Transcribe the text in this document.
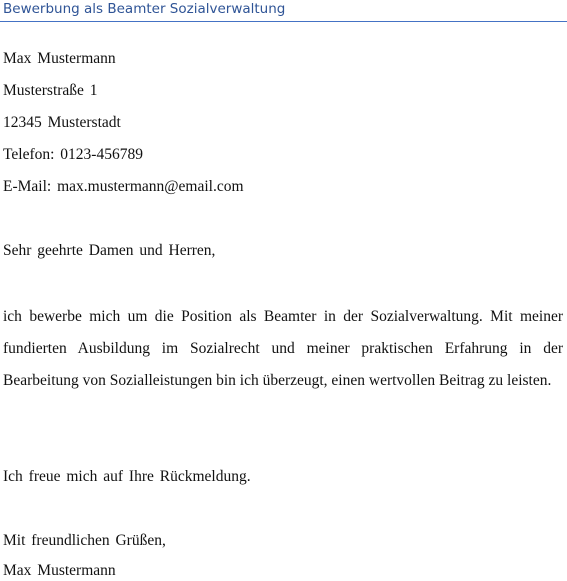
Bewerbung als Beamter Sozialverwaltung
Max Mustermann
Musterstraße 1
12345 Musterstadt
Telefon: 0123-456789
E-Mail: max.mustermann@email.com
Sehr geehrte Damen und Herren,
ich bewerbe mich um die Position als Beamter in der Sozialverwaltung. Mit meiner fundierten Ausbildung im Sozialrecht und meiner praktischen Erfahrung in der Bearbeitung von Sozialleistungen bin ich überzeugt, einen wertvollen Beitrag zu leisten.
Ich freue mich auf Ihre Rückmeldung.
Mit freundlichen Grüßen,
Max Mustermann
